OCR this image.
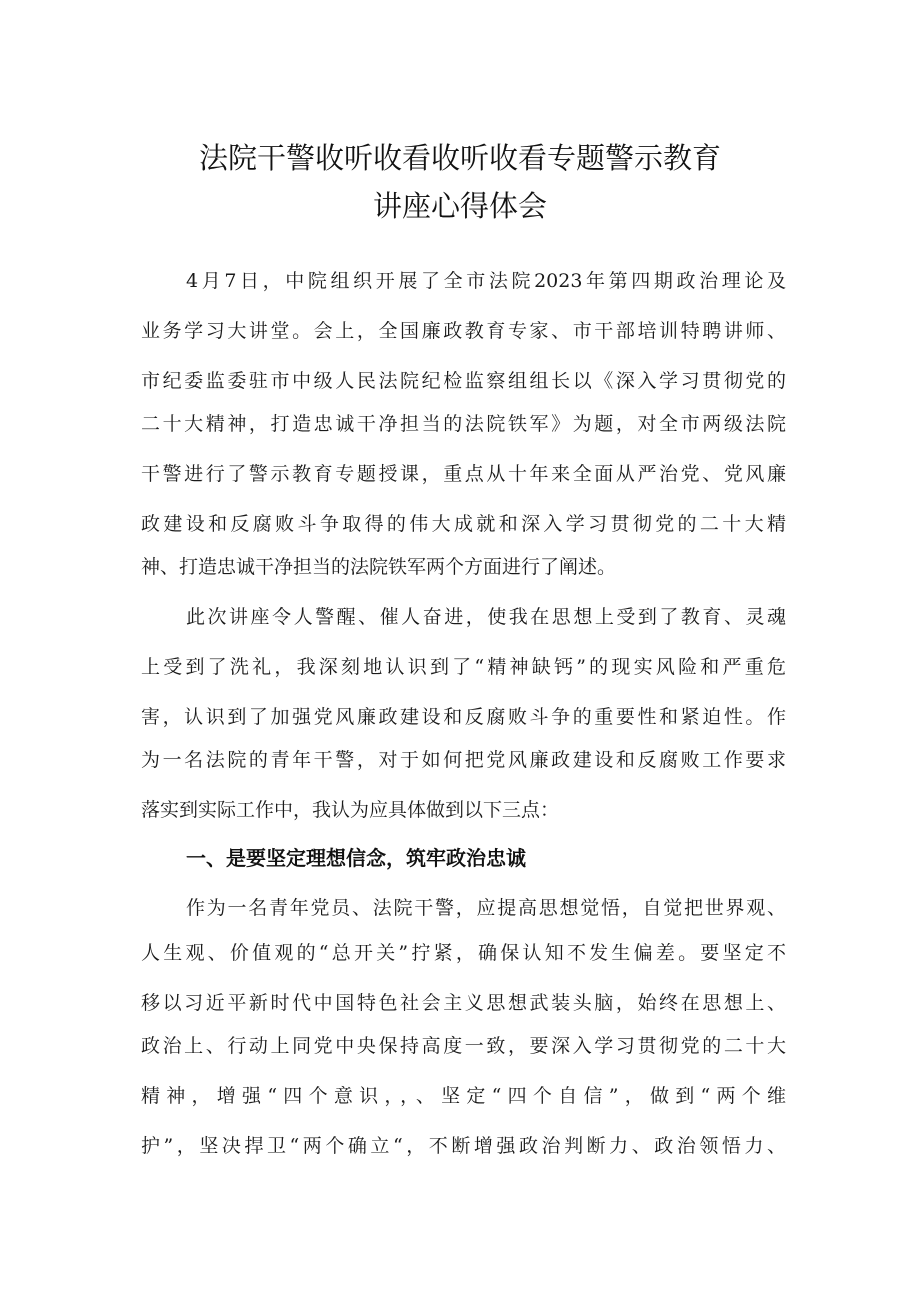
法院干警收听收看收听收看专题警示教育
讲座心得体会
4月7日，中院组织开展了全市法院2023年第四期政治理论及
业务学习大讲堂。会上，全国廉政教育专家、市干部培训特聘讲师、
市纪委监委驻市中级人民法院纪检监察组组长以《深入学习贯彻党的
二十大精神，打造忠诚干净担当的法院铁军》为题，对全市两级法院
干警进行了警示教育专题授课，重点从十年来全面从严治党、党风廉
政建设和反腐败斗争取得的伟大成就和深入学习贯彻党的二十大精
神、打造忠诚干净担当的法院铁军两个方面进行了阐述。
此次讲座令人警醒、催人奋进，使我在思想上受到了教育、灵魂
上受到了洗礼，我深刻地认识到了“精神缺钙”的现实风险和严重危
害，认识到了加强党风廉政建设和反腐败斗争的重要性和紧迫性。作
为一名法院的青年干警，对于如何把党风廉政建设和反腐败工作要求
落实到实际工作中，我认为应具体做到以下三点：
一、是要坚定理想信念，筑牢政治忠诚
作为一名青年党员、法院干警，应提高思想觉悟，自觉把世界观、
人生观、价值观的“总开关”拧紧，确保认知不发生偏差。要坚定不
移以习近平新时代中国特色社会主义思想武装头脑，始终在思想上、
政治上、行动上同党中央保持高度一致，要深入学习贯彻党的二十大
精神，增强“四个意识，，、坚定“四个自信”，做到“两个维
护”，坚决捍卫“两个确立“，不断增强政治判断力、政治领悟力、
